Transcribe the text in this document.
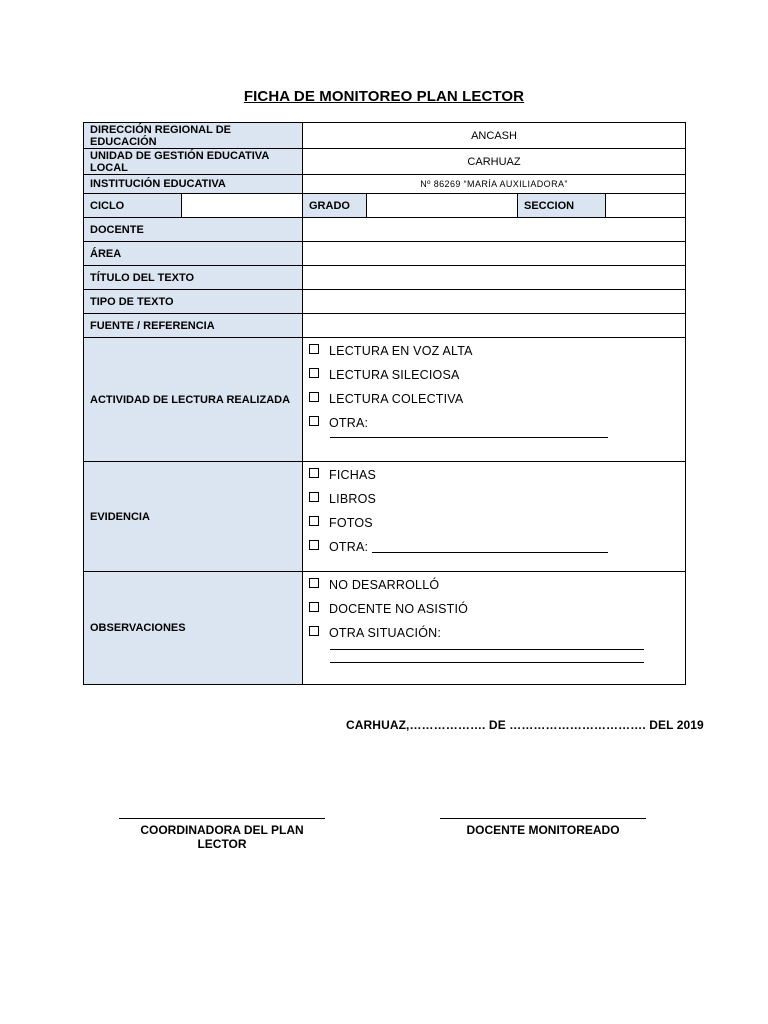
FICHA DE MONITOREO PLAN LECTOR
DIRECCIÓN REGIONAL DE EDUCACIÓN		ANCASH			
UNIDAD DE GESTIÓN EDUCATIVA LOCAL		CARHUAZ			
INSTITUCIÓN EDUCATIVA		Nº 86269 “MARÍA AUXILIADORA”			
CICLO		GRADO		SECCION	
DOCENTE					
ÁREA					
TÍTULO DEL TEXTO					
TIPO DE TEXTO					
FUENTE / REFERENCIA					
ACTIVIDAD DE LECTURA REALIZADA		LECTURA EN VOZ ALTA
LECTURA SILECIOSA
LECTURA COLECTIVA
OTRA:			

EVIDENCIA		FICHAS
LIBROS
FOTOS
OTRA:			

OBSERVACIONES		NO DESARROLLÓ
DOCENTE NO ASISTIÓ
OTRA SITUACIÓN:			
CARHUAZ,………………. DE ……………………………. DEL 2019
COORDINADORA DEL PLAN LECTOR
DOCENTE MONITOREADO
